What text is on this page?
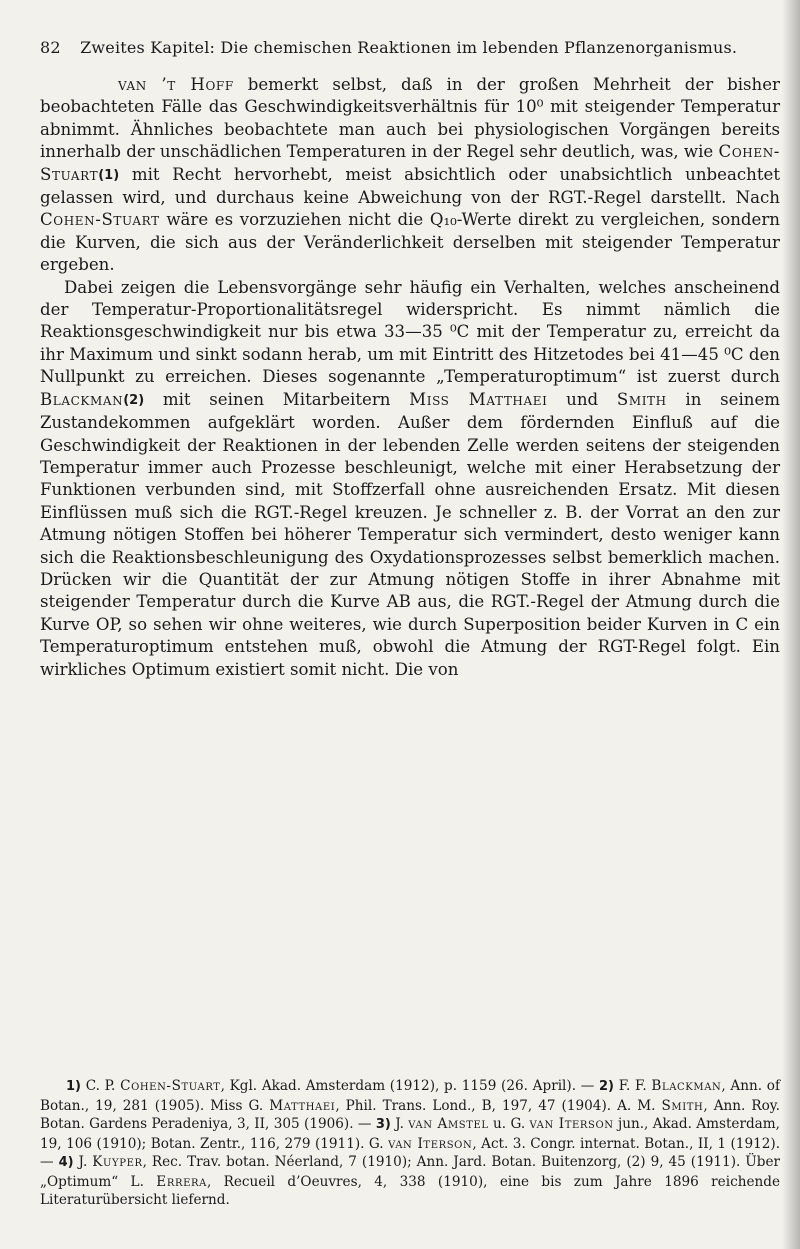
82 Zweites Kapitel: Die chemischen Reaktionen im lebenden Pflanzenorganismus.

van ’t Hoff bemerkt selbst, daß in der großen Mehrheit der bisher beobachteten Fälle das Geschwindigkeitsverhältnis für 10⁰ mit steigender Temperatur abnimmt. Ähnliches beobachtete man auch bei physiologischen Vorgängen bereits innerhalb der unschädlichen Temperaturen in der Regel sehr deutlich, was, wie Cohen-Stuart(1) mit Recht hervorhebt, meist absichtlich oder unabsichtlich unbeachtet gelassen wird, und durchaus keine Abweichung von der RGT.-Regel darstellt. Nach Cohen-Stuart wäre es vorzuziehen nicht die Q₁₀-Werte direkt zu vergleichen, sondern die Kurven, die sich aus der Veränderlichkeit derselben mit steigender Temperatur ergeben.

Dabei zeigen die Lebensvorgänge sehr häufig ein Verhalten, welches anscheinend der Temperatur-Proportionalitätsregel widerspricht. Es nimmt nämlich die Reaktionsgeschwindigkeit nur bis etwa 33—35 ⁰C mit der Temperatur zu, erreicht da ihr Maximum und sinkt sodann herab, um mit Eintritt des Hitzetodes bei 41—45 ⁰C den Nullpunkt zu erreichen. Dieses sogenannte „Temperaturoptimum“ ist zuerst durch Blackman(2) mit seinen Mitarbeitern Miss Matthaei und Smith in seinem Zustandekommen aufgeklärt worden. Außer dem fördernden Einfluß auf die Geschwindigkeit der Reaktionen in der lebenden Zelle werden seitens der steigenden Temperatur immer auch Prozesse beschleunigt, welche mit einer Herabsetzung der Funktionen verbunden sind, mit Stoffzerfall ohne ausreichenden Ersatz. Mit diesen Einflüssen muß sich die RGT.-Regel kreuzen. Je schneller z. B. der Vorrat an den zur Atmung nötigen Stoffen bei höherer Temperatur sich vermindert, desto weniger kann sich die Reaktionsbeschleunigung des Oxydationsprozesses selbst bemerklich machen. Drücken wir die Quantität der zur Atmung nötigen Stoffe in ihrer Abnahme mit steigender Temperatur durch die Kurve AB aus, die RGT.-Regel der Atmung durch die Kurve OP, so sehen wir ohne weiteres, wie durch Superposition beider Kurven in C ein Temperaturoptimum entstehen muß, obwohl die Atmung der RGT-Regel folgt. Ein wirkliches Optimum existiert somit nicht. Die von

1) C. P. Cohen-Stuart, Kgl. Akad. Amsterdam (1912), p. 1159 (26. April). — 2) F. F. Blackman, Ann. of Botan., 19, 281 (1905). Miss G. Matthaei, Phil. Trans. Lond., B, 197, 47 (1904). A. M. Smith, Ann. Roy. Botan. Gardens Peradeniya, 3, II, 305 (1906). — 3) J. van Amstel u. G. van Iterson jun., Akad. Amsterdam, 19, 106 (1910); Botan. Zentr., 116, 279 (1911). G. van Iterson, Act. 3. Congr. internat. Botan., II, 1 (1912). — 4) J. Kuyper, Rec. Trav. botan. Néerland, 7 (1910); Ann. Jard. Botan. Buitenzorg, (2) 9, 45 (1911). Über „Optimum“ L. Errera, Recueil d’Oeuvres, 4, 338 (1910), eine bis zum Jahre 1896 reichende Literaturübersicht liefernd.
